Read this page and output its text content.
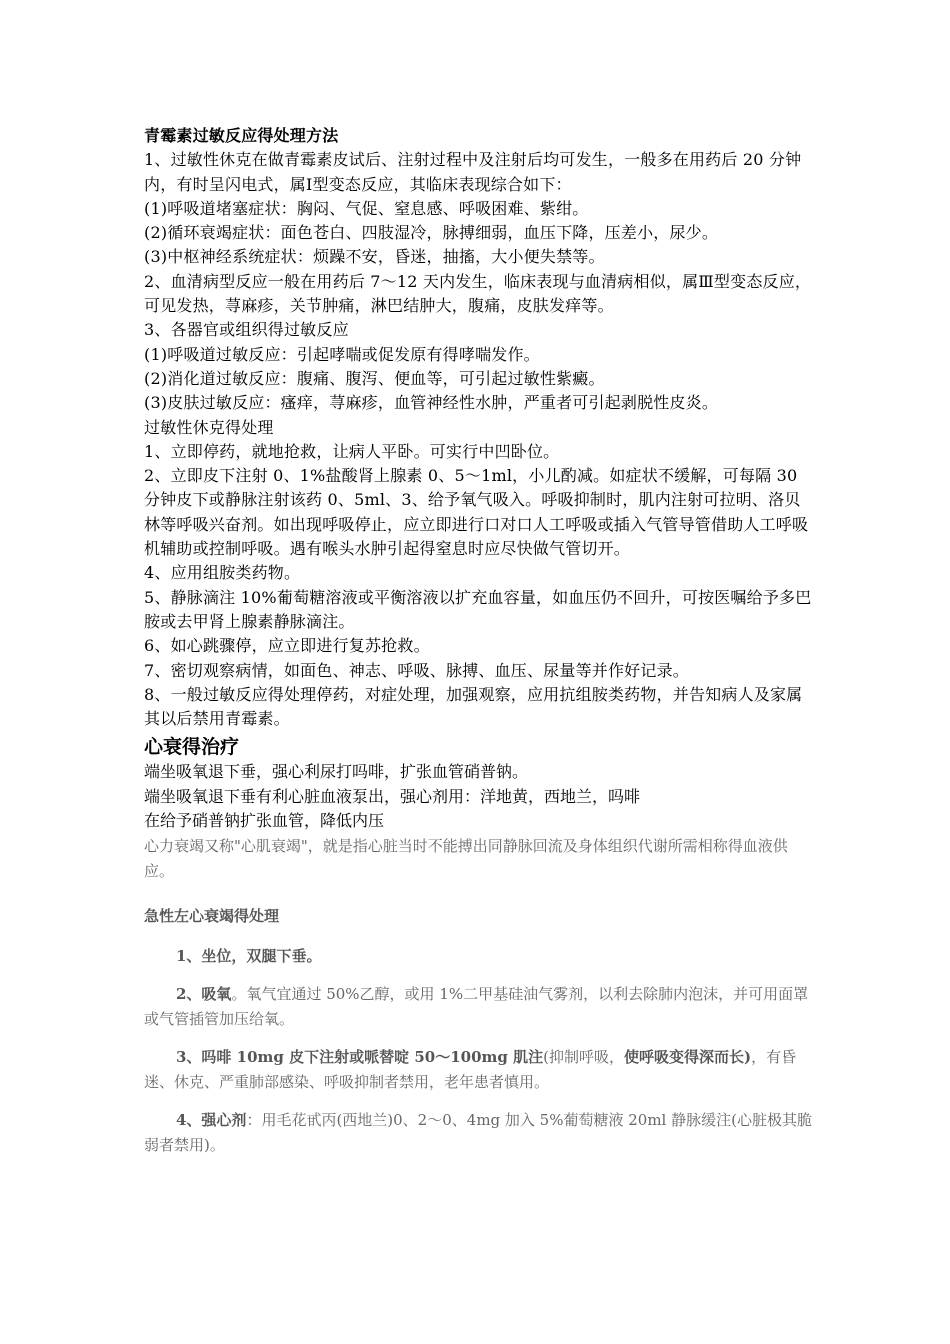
青霉素过敏反应得处理方法

1、过敏性休克在做青霉素皮试后、注射过程中及注射后均可发生，一般多在用药后 20 分钟内，有时呈闪电式，属Ⅰ型变态反应，其临床表现综合如下：

(1)呼吸道堵塞症状：胸闷、气促、窒息感、呼吸困难、紫绀。

(2)循环衰竭症状：面色苍白、四肢湿冷，脉搏细弱，血压下降，压差小，尿少。

(3)中枢神经系统症状：烦躁不安，昏迷，抽搐，大小便失禁等。

2、血清病型反应一般在用药后 7～12 天内发生，临床表现与血清病相似，属Ⅲ型变态反应，可见发热，荨麻疹，关节肿痛，淋巴结肿大，腹痛，皮肤发痒等。

3、各器官或组织得过敏反应

(1)呼吸道过敏反应：引起哮喘或促发原有得哮喘发作。

(2)消化道过敏反应：腹痛、腹泻、便血等，可引起过敏性紫癜。

(3)皮肤过敏反应：瘙痒，荨麻疹，血管神经性水肿，严重者可引起剥脱性皮炎。

过敏性休克得处理

1、立即停药，就地抢救，让病人平卧。可实行中凹卧位。

2、立即皮下注射 0、1%盐酸肾上腺素 0、5～1ml，小儿酌减。如症状不缓解，可每隔 30 分钟皮下或静脉注射该药 0、5ml、3、给予氧气吸入。呼吸抑制时，肌内注射可拉明、洛贝林等呼吸兴奋剂。如出现呼吸停止，应立即进行口对口人工呼吸或插入气管导管借助人工呼吸机辅助或控制呼吸。遇有喉头水肿引起得窒息时应尽快做气管切开。

4、应用组胺类药物。

5、静脉滴注 10%葡萄糖溶液或平衡溶液以扩充血容量，如血压仍不回升，可按医嘱给予多巴胺或去甲肾上腺素静脉滴注。

6、如心跳骤停，应立即进行复苏抢救。

7、密切观察病情，如面色、神志、呼吸、脉搏、血压、尿量等并作好记录。

8、一般过敏反应得处理停药，对症处理，加强观察，应用抗组胺类药物，并告知病人及家属其以后禁用青霉素。

心衰得治疗

端坐吸氧退下垂，强心利尿打吗啡，扩张血管硝普钠。

端坐吸氧退下垂有利心脏血液泵出，强心剂用：洋地黄，西地兰，吗啡

在给予硝普钠扩张血管，降低内压

心力衰竭又称"心肌衰竭"，就是指心脏当时不能搏出同静脉回流及身体组织代谢所需相称得血液供应。

急性左心衰竭得处理

1、坐位，双腿下垂。

2、吸氧。氧气宜通过 50%乙醇，或用 1%二甲基硅油气雾剂，以利去除肺内泡沫，并可用面罩或气管插管加压给氧。

3、吗啡 10mg 皮下注射或哌替啶 50～100mg 肌注(抑制呼吸，使呼吸变得深而长)，有昏迷、休克、严重肺部感染、呼吸抑制者禁用，老年患者慎用。

4、强心剂：用毛花甙丙(西地兰)0、2～0、4mg 加入 5%葡萄糖液 20ml 静脉缓注(心脏极其脆弱者禁用)。
